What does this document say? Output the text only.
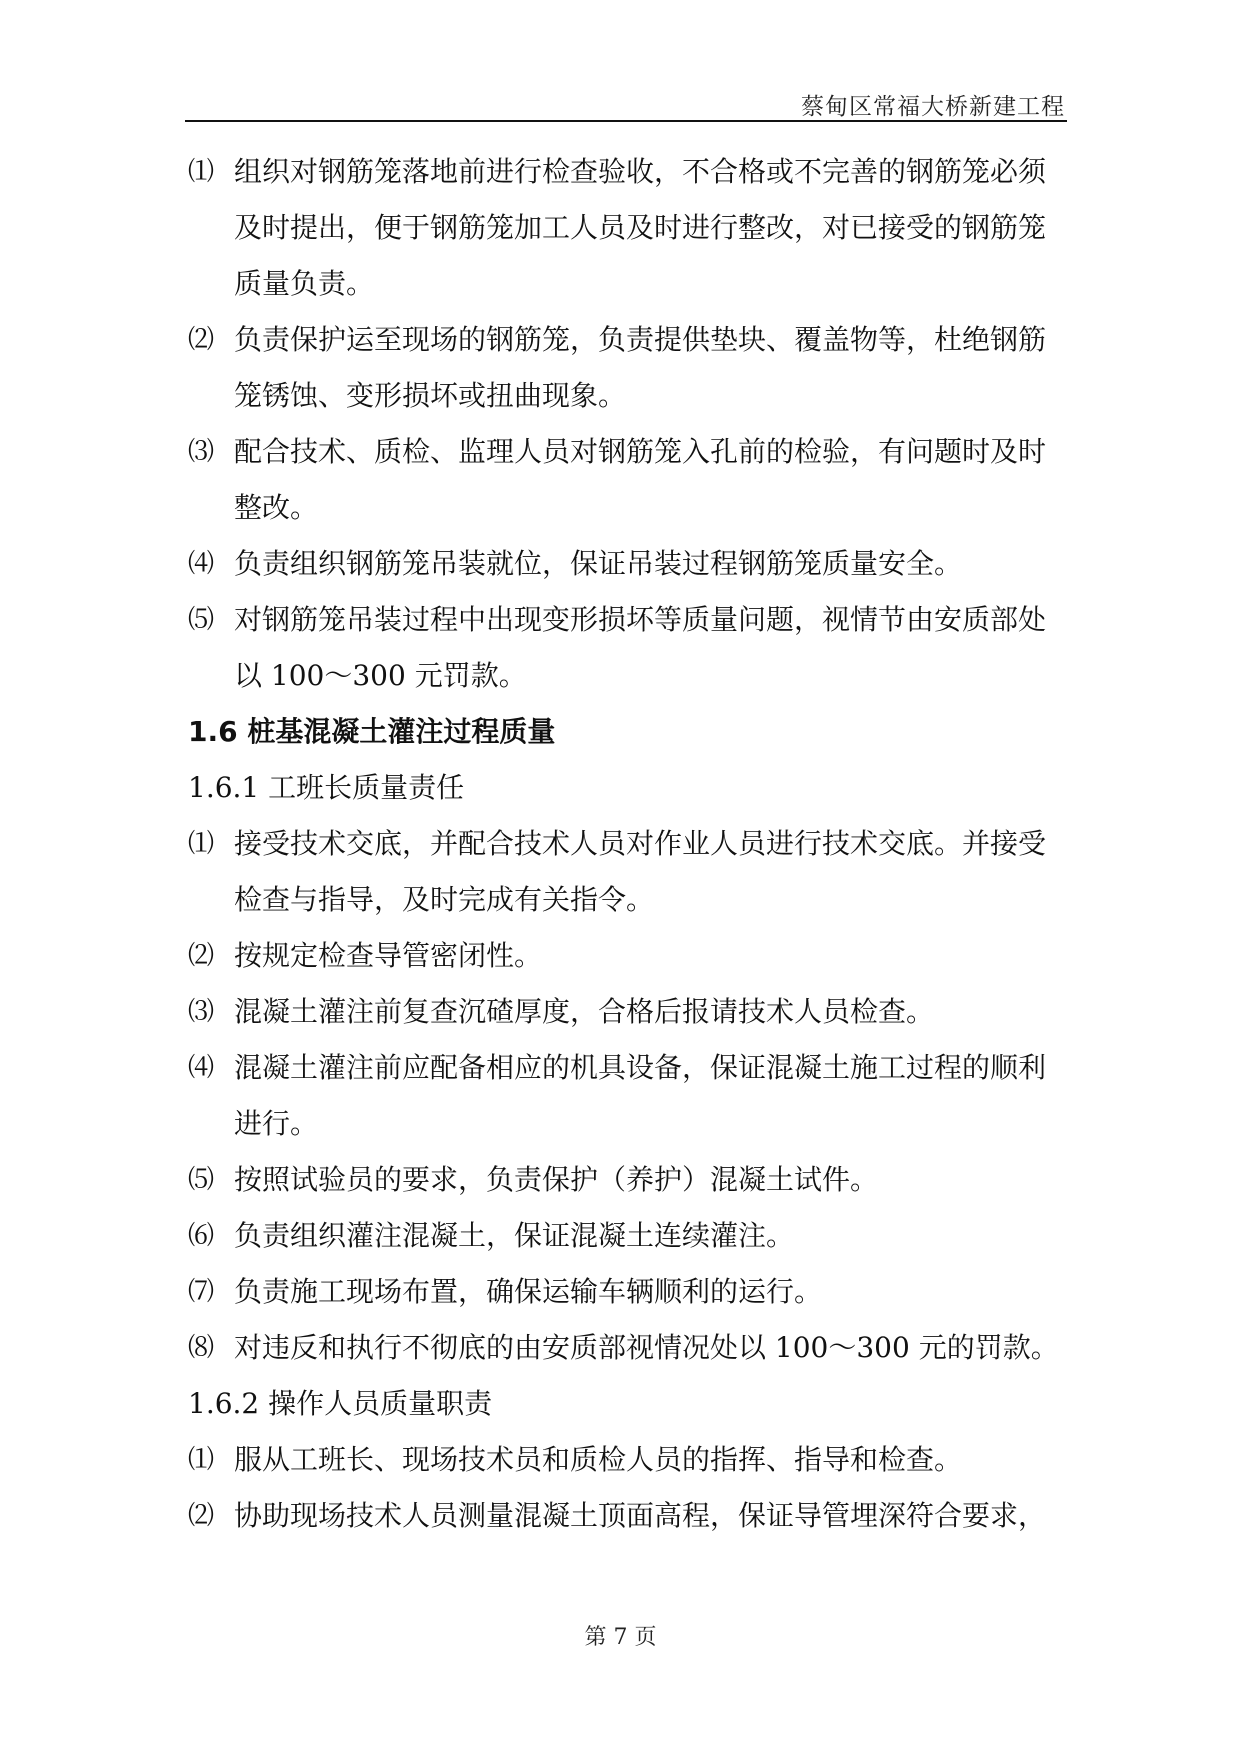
蔡甸区常福大桥新建工程
⑴ 组织对钢筋笼落地前进行检查验收，不合格或不完善的钢筋笼必须及时提出，便于钢筋笼加工人员及时进行整改，对已接受的钢筋笼质量负责。
⑵ 负责保护运至现场的钢筋笼，负责提供垫块、覆盖物等，杜绝钢筋笼锈蚀、变形损坏或扭曲现象。
⑶ 配合技术、质检、监理人员对钢筋笼入孔前的检验，有问题时及时整改。
⑷ 负责组织钢筋笼吊装就位，保证吊装过程钢筋笼质量安全。
⑸ 对钢筋笼吊装过程中出现变形损坏等质量问题，视情节由安质部处以 100～300 元罚款。
1.6 桩基混凝土灌注过程质量
1.6.1 工班长质量责任
⑴ 接受技术交底，并配合技术人员对作业人员进行技术交底。并接受检查与指导，及时完成有关指令。
⑵ 按规定检查导管密闭性。
⑶ 混凝土灌注前复查沉碴厚度，合格后报请技术人员检查。
⑷ 混凝土灌注前应配备相应的机具设备，保证混凝土施工过程的顺利进行。
⑸ 按照试验员的要求，负责保护（养护）混凝土试件。
⑹ 负责组织灌注混凝土，保证混凝土连续灌注。
⑺ 负责施工现场布置，确保运输车辆顺利的运行。
⑻ 对违反和执行不彻底的由安质部视情况处以 100～300 元的罚款。
1.6.2 操作人员质量职责
⑴ 服从工班长、现场技术员和质检人员的指挥、指导和检查。
⑵ 协助现场技术人员测量混凝土顶面高程，保证导管埋深符合要求，
第 7 页
